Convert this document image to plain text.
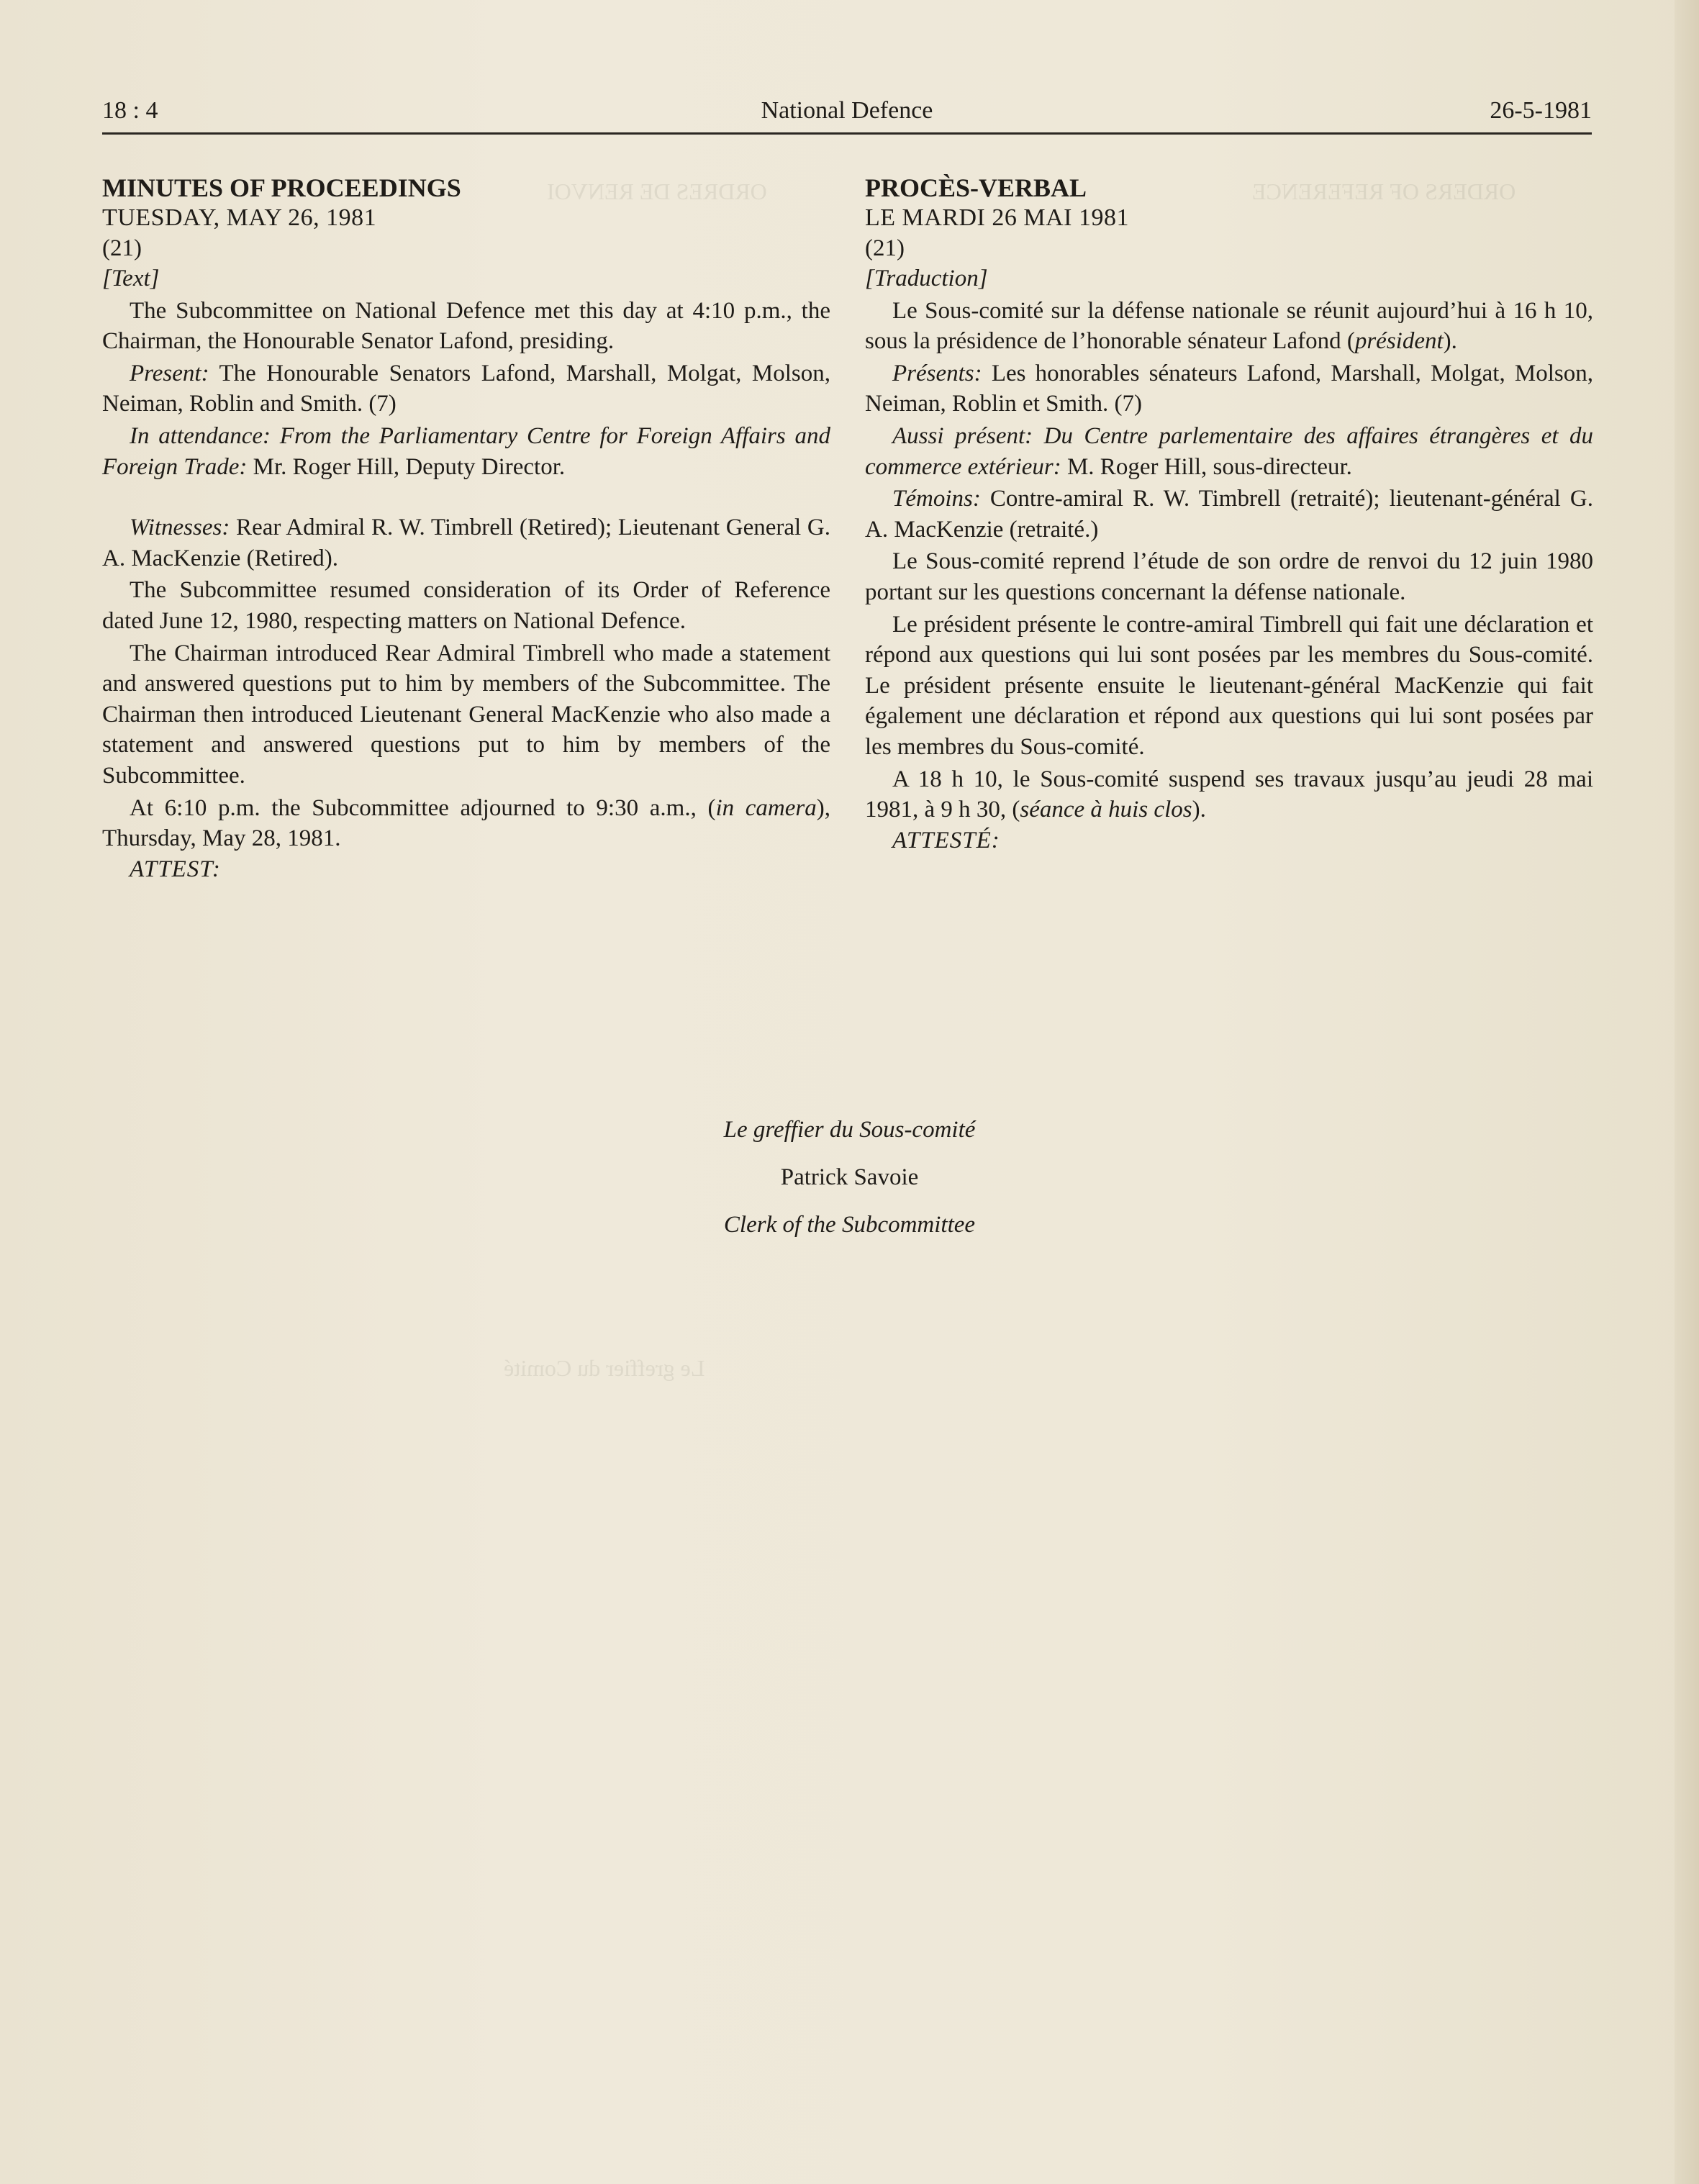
National Defence
18 : 4	26-5-1981

MINUTES OF PROCEEDINGS

TUESDAY, MAY 26, 1981

(21)

[Text]

The Subcommittee on National Defence met this day at 4:10 p.m., the Chairman, the Honourable Senator Lafond, presiding.

Present: The Honourable Senators Lafond, Marshall, Molgat, Molson, Neiman, Roblin and Smith. (7)

In attendance: From the Parliamentary Centre for Foreign Affairs and Foreign Trade: Mr. Roger Hill, Deputy Director.

Witnesses: Rear Admiral R. W. Timbrell (Retired); Lieutenant General G. A. MacKenzie (Retired).

The Subcommittee resumed consideration of its Order of Reference dated June 12, 1980, respecting matters on National Defence.

The Chairman introduced Rear Admiral Timbrell who made a statement and answered questions put to him by members of the Subcommittee. The Chairman then introduced Lieutenant General MacKenzie who also made a statement and answered questions put to him by members of the Subcommittee.

At 6:10 p.m. the Subcommittee adjourned to 9:30 a.m., (in camera), Thursday, May 28, 1981.

ATTEST:

PROCÈS-VERBAL

LE MARDI 26 MAI 1981

(21)

[Traduction]

Le Sous-comité sur la défense nationale se réunit aujourd’hui à 16 h 10, sous la présidence de l’honorable sénateur Lafond (président).

Présents: Les honorables sénateurs Lafond, Marshall, Molgat, Molson, Neiman, Roblin et Smith. (7)

Aussi présent: Du Centre parlementaire des affaires étrangères et du commerce extérieur: M. Roger Hill, sous-directeur.

Témoins: Contre-amiral R. W. Timbrell (retraité); lieutenant-général G. A. MacKenzie (retraité.)

Le Sous-comité reprend l’étude de son ordre de renvoi du 12 juin 1980 portant sur les questions concernant la défense nationale.

Le président présente le contre-amiral Timbrell qui fait une déclaration et répond aux questions qui lui sont posées par les membres du Sous-comité. Le président présente ensuite le lieutenant-général MacKenzie qui fait également une déclaration et répond aux questions qui lui sont posées par les membres du Sous-comité.

A 18 h 10, le Sous-comité suspend ses travaux jusqu’au jeudi 28 mai 1981, à 9 h 30, (séance à huis clos).

ATTESTÉ:

Le greffier du Sous-comité
Patrick Savoie
Clerk of the Subcommittee
